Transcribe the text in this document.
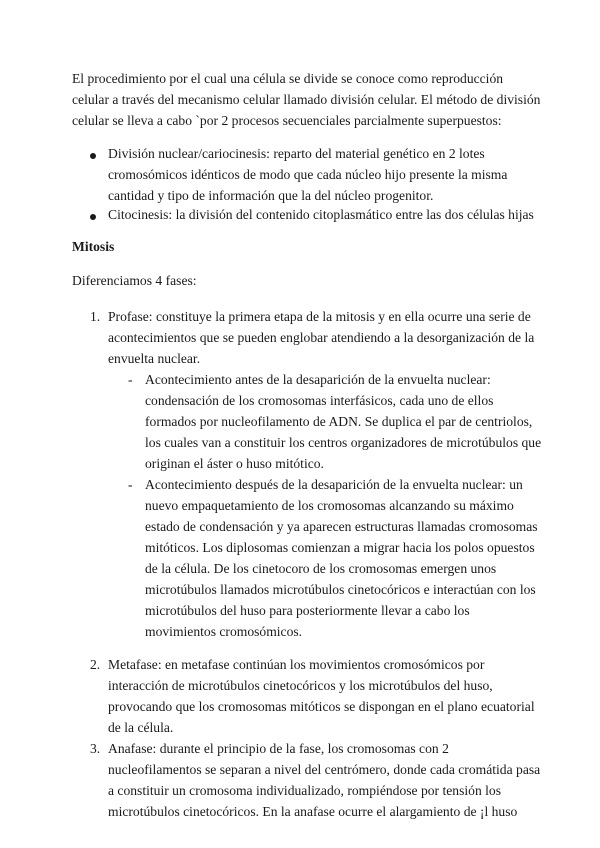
El procedimiento por el cual una célula se divide se conoce como reproducción
celular a través del mecanismo celular llamado división celular. El método de división
celular se lleva a cabo `por 2 procesos secuenciales parcialmente superpuestos:
División nuclear/cariocinesis: reparto del material genético en 2 lotes
cromosómicos idénticos de modo que cada núcleo hijo presente la misma
cantidad y tipo de información que la del núcleo progenitor.
Citocinesis: la división del contenido citoplasmático entre las dos células hijas
Mitosis
Diferenciamos 4 fases:
1. Profase: constituye la primera etapa de la mitosis y en ella ocurre una serie de
acontecimientos que se pueden englobar atendiendo a la desorganización de la
envuelta nuclear.
- Acontecimiento antes de la desaparición de la envuelta nuclear:
condensación de los cromosomas interfásicos, cada uno de ellos
formados por nucleofilamento de ADN. Se duplica el par de centriolos,
los cuales van a constituir los centros organizadores de microtúbulos que
originan el áster o huso mitótico.
- Acontecimiento después de la desaparición de la envuelta nuclear: un
nuevo empaquetamiento de los cromosomas alcanzando su máximo
estado de condensación y ya aparecen estructuras llamadas cromosomas
mitóticos. Los diplosomas comienzan a migrar hacia los polos opuestos
de la célula. De los cinetocoro de los cromosomas emergen unos
microtúbulos llamados microtúbulos cinetocóricos e interactúan con los
microtúbulos del huso para posteriormente llevar a cabo los
movimientos cromosómicos.
2. Metafase: en metafase continúan los movimientos cromosómicos por
interacción de microtúbulos cinetocóricos y los microtúbulos del huso,
provocando que los cromosomas mitóticos se dispongan en el plano ecuatorial
de la célula.
3. Anafase: durante el principio de la fase, los cromosomas con 2
nucleofilamentos se separan a nivel del centrómero, donde cada cromátida pasa
a constituir un cromosoma individualizado, rompiéndose por tensión los
microtúbulos cinetocóricos. En la anafase ocurre el alargamiento de ¡l huso
